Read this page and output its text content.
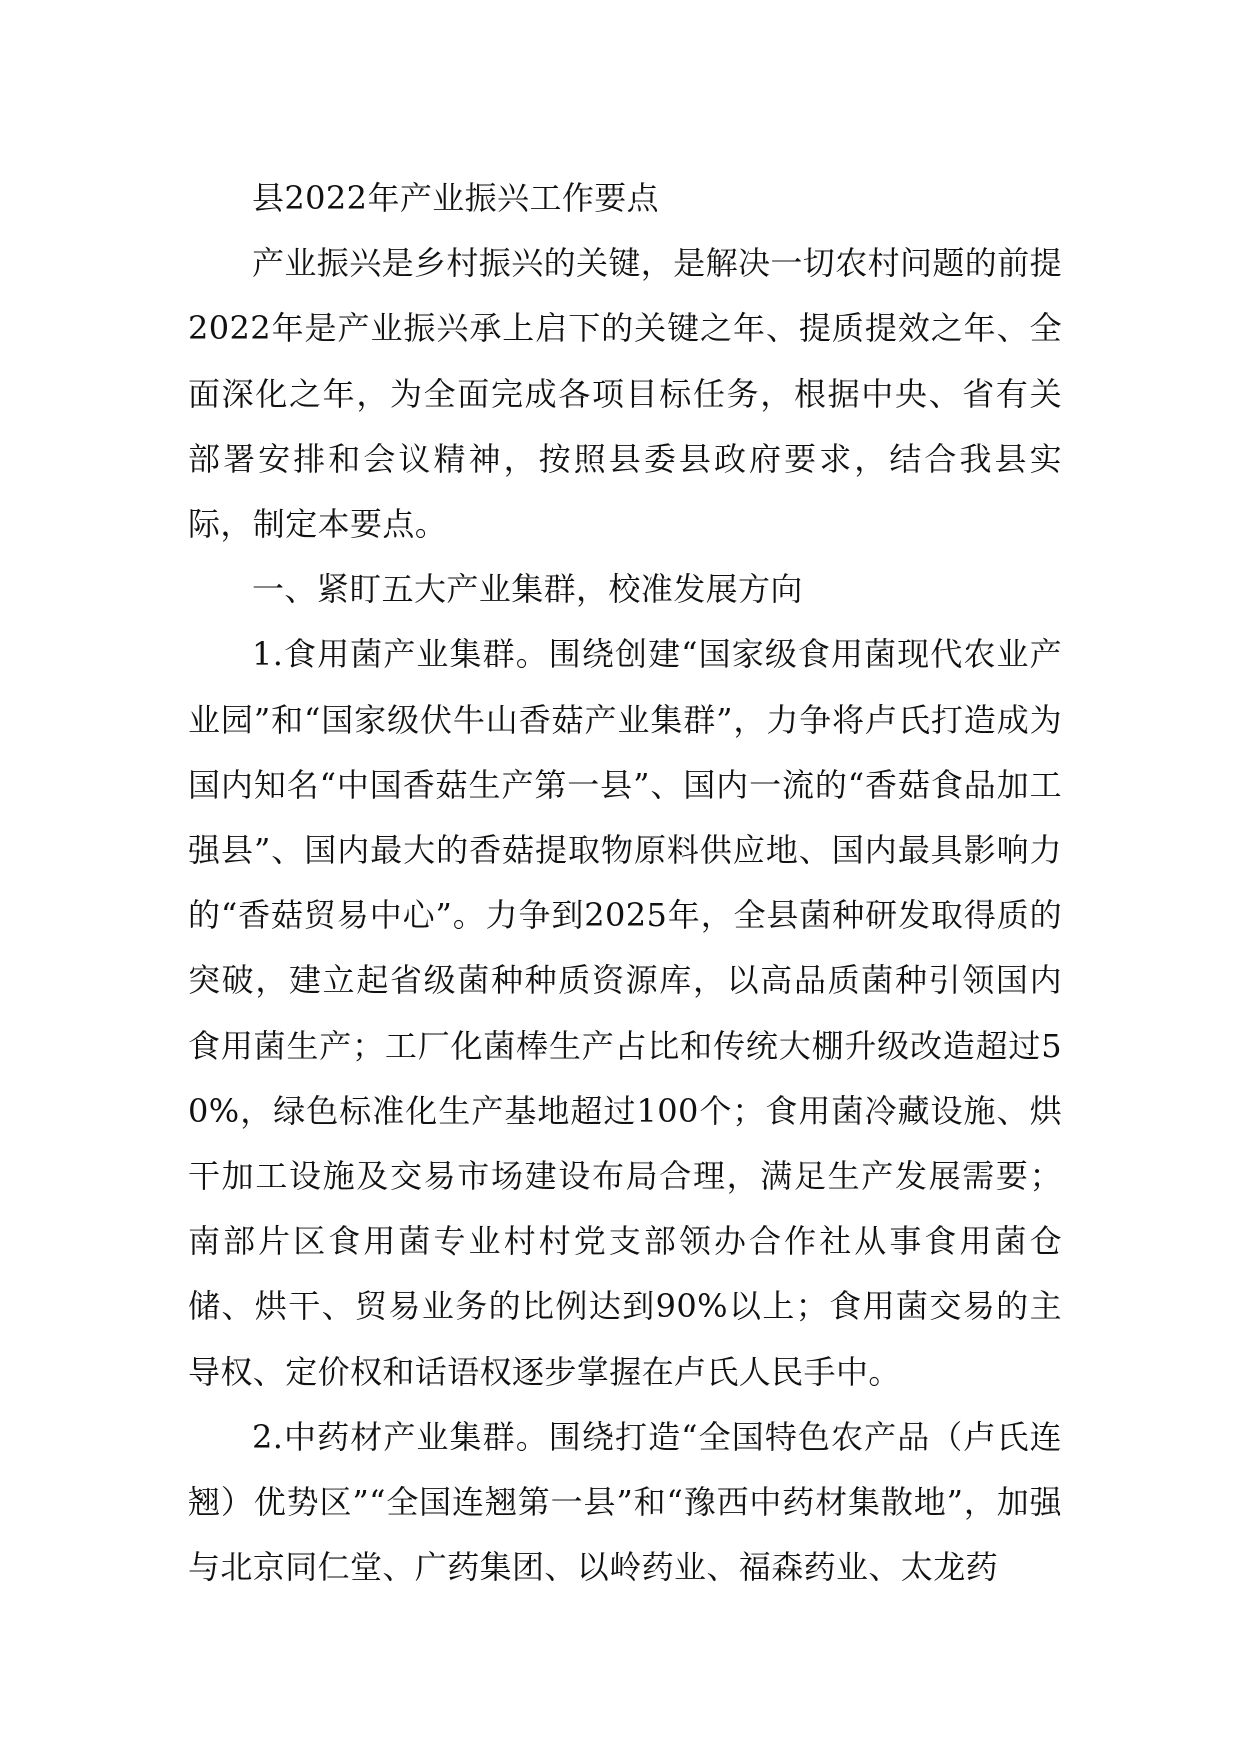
县2022年产业振兴工作要点

产业振兴是乡村振兴的关键，是解决一切农村问题的前提2022年是产业振兴承上启下的关键之年、提质提效之年、全面深化之年，为全面完成各项目标任务，根据中央、省有关部署安排和会议精神，按照县委县政府要求，结合我县实际，制定本要点。

一、紧盯五大产业集群，校准发展方向

1.食用菌产业集群。围绕创建“国家级食用菌现代农业产业园”和“国家级伏牛山香菇产业集群”，力争将卢氏打造成为国内知名“中国香菇生产第一县”、国内一流的“香菇食品加工强县”、国内最大的香菇提取物原料供应地、国内最具影响力的“香菇贸易中心”。力争到2025年，全县菌种研发取得质的突破，建立起省级菌种种质资源库，以高品质菌种引领国内食用菌生产；工厂化菌棒生产占比和传统大棚升级改造超过50%，绿色标准化生产基地超过100个；食用菌冷藏设施、烘干加工设施及交易市场建设布局合理，满足生产发展需要；南部片区食用菌专业村村党支部领办合作社从事食用菌仓储、烘干、贸易业务的比例达到90%以上；食用菌交易的主导权、定价权和话语权逐步掌握在卢氏人民手中。

2.中药材产业集群。围绕打造“全国特色农产品（卢氏连翘）优势区”“全国连翘第一县”和“豫西中药材集散地”，加强与北京同仁堂、广药集团、以岭药业、福森药业、太龙药
